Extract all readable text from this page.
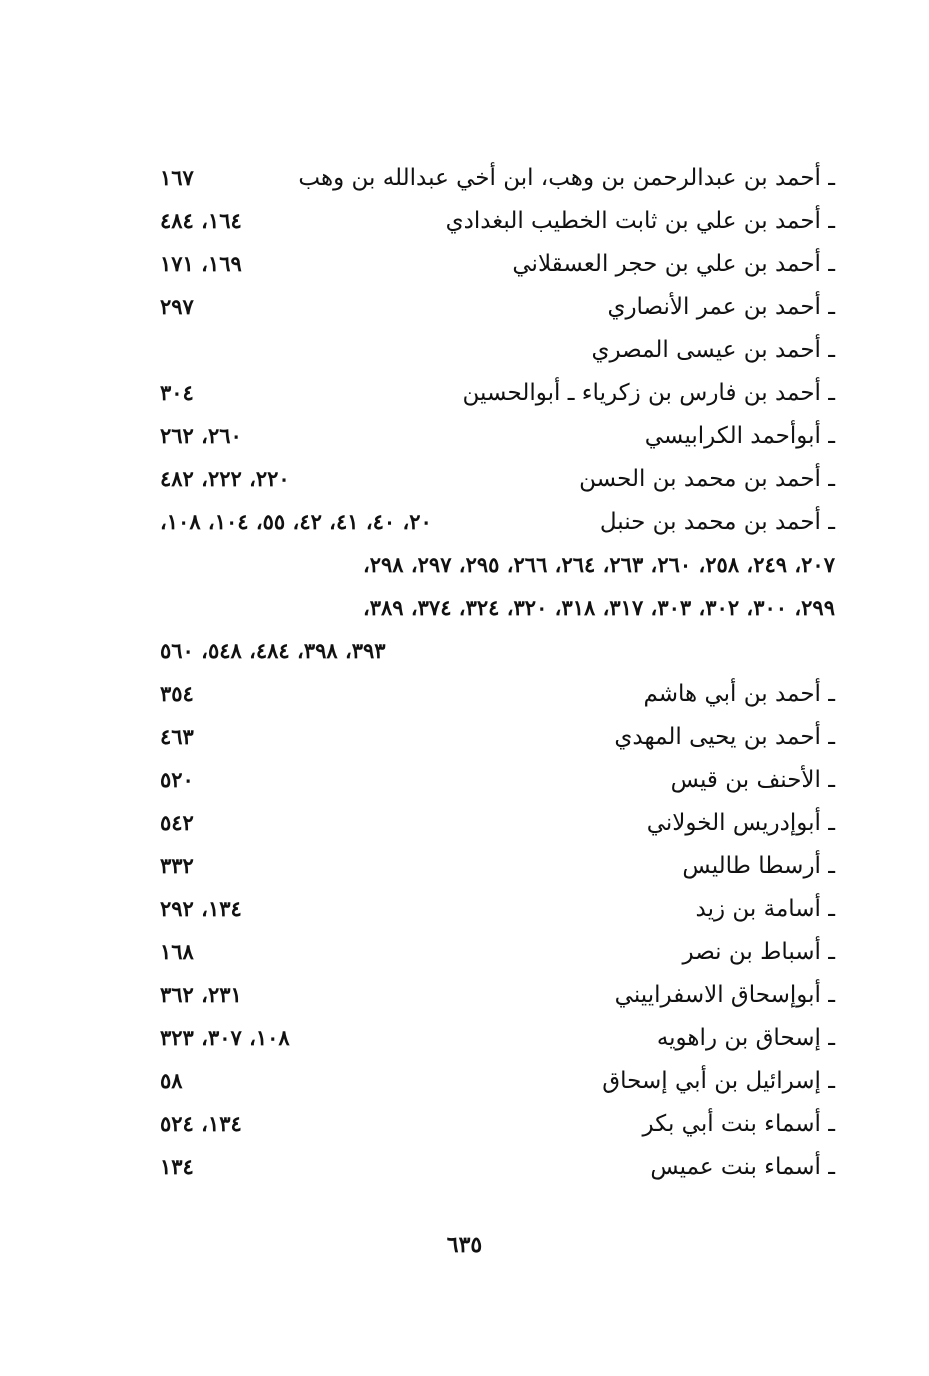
ـ أحمد بن عبدالرحمن بن وهب، ابن أخي عبدالله بن وهب
١٦٧
ـ أحمد بن علي بن ثابت الخطيب البغدادي
١٦٤، ٤٨٤
ـ أحمد بن علي بن حجر العسقلاني
١٦٩، ١٧١
ـ أحمد بن عمر الأنصاري
٢٩٧
ـ أحمد بن عيسى المصري
ـ أحمد بن فارس بن زكرياء ـ أبوالحسين
٣٠٤
ـ أبوأحمد الكرابيسي
٢٦٠، ٢٦٢
ـ أحمد بن محمد بن الحسن
٢٢٠، ٢٢٢، ٤٨٢
ـ أحمد بن محمد بن حنبل
٢٠، ٤٠، ٤١، ٤٢، ٥٥، ١٠٤، ١٠٨،
٢٠٧، ٢٤٩، ٢٥٨، ٢٦٠، ٢٦٣، ٢٦٤، ٢٦٦، ٢٩٥، ٢٩٧، ٢٩٨،
٢٩٩، ٣٠٠، ٣٠٢، ٣٠٣، ٣١٧، ٣١٨، ٣٢٠، ٣٢٤، ٣٧٤، ٣٨٩،
٣٩٣، ٣٩٨، ٤٨٤، ٥٤٨، ٥٦٠
ـ أحمد بن أبي هاشم
٣٥٤
ـ أحمد بن يحيى المهدي
٤٦٣
ـ الأحنف بن قيس
٥٢٠
ـ أبوإدريس الخولاني
٥٤٢
ـ أرسطا طاليس
٣٣٢
ـ أسامة بن زيد
١٣٤، ٢٩٢
ـ أسباط بن نصر
١٦٨
ـ أبوإسحاق الاسفراييني
٢٣١، ٣٦٢
ـ إسحاق بن راهويه
١٠٨، ٣٠٧، ٣٢٣
ـ إسرائيل بن أبي إسحاق
٥٨
ـ أسماء بنت أبي بكر
١٣٤، ٥٢٤
ـ أسماء بنت عميس
١٣٤
٦٣٥
